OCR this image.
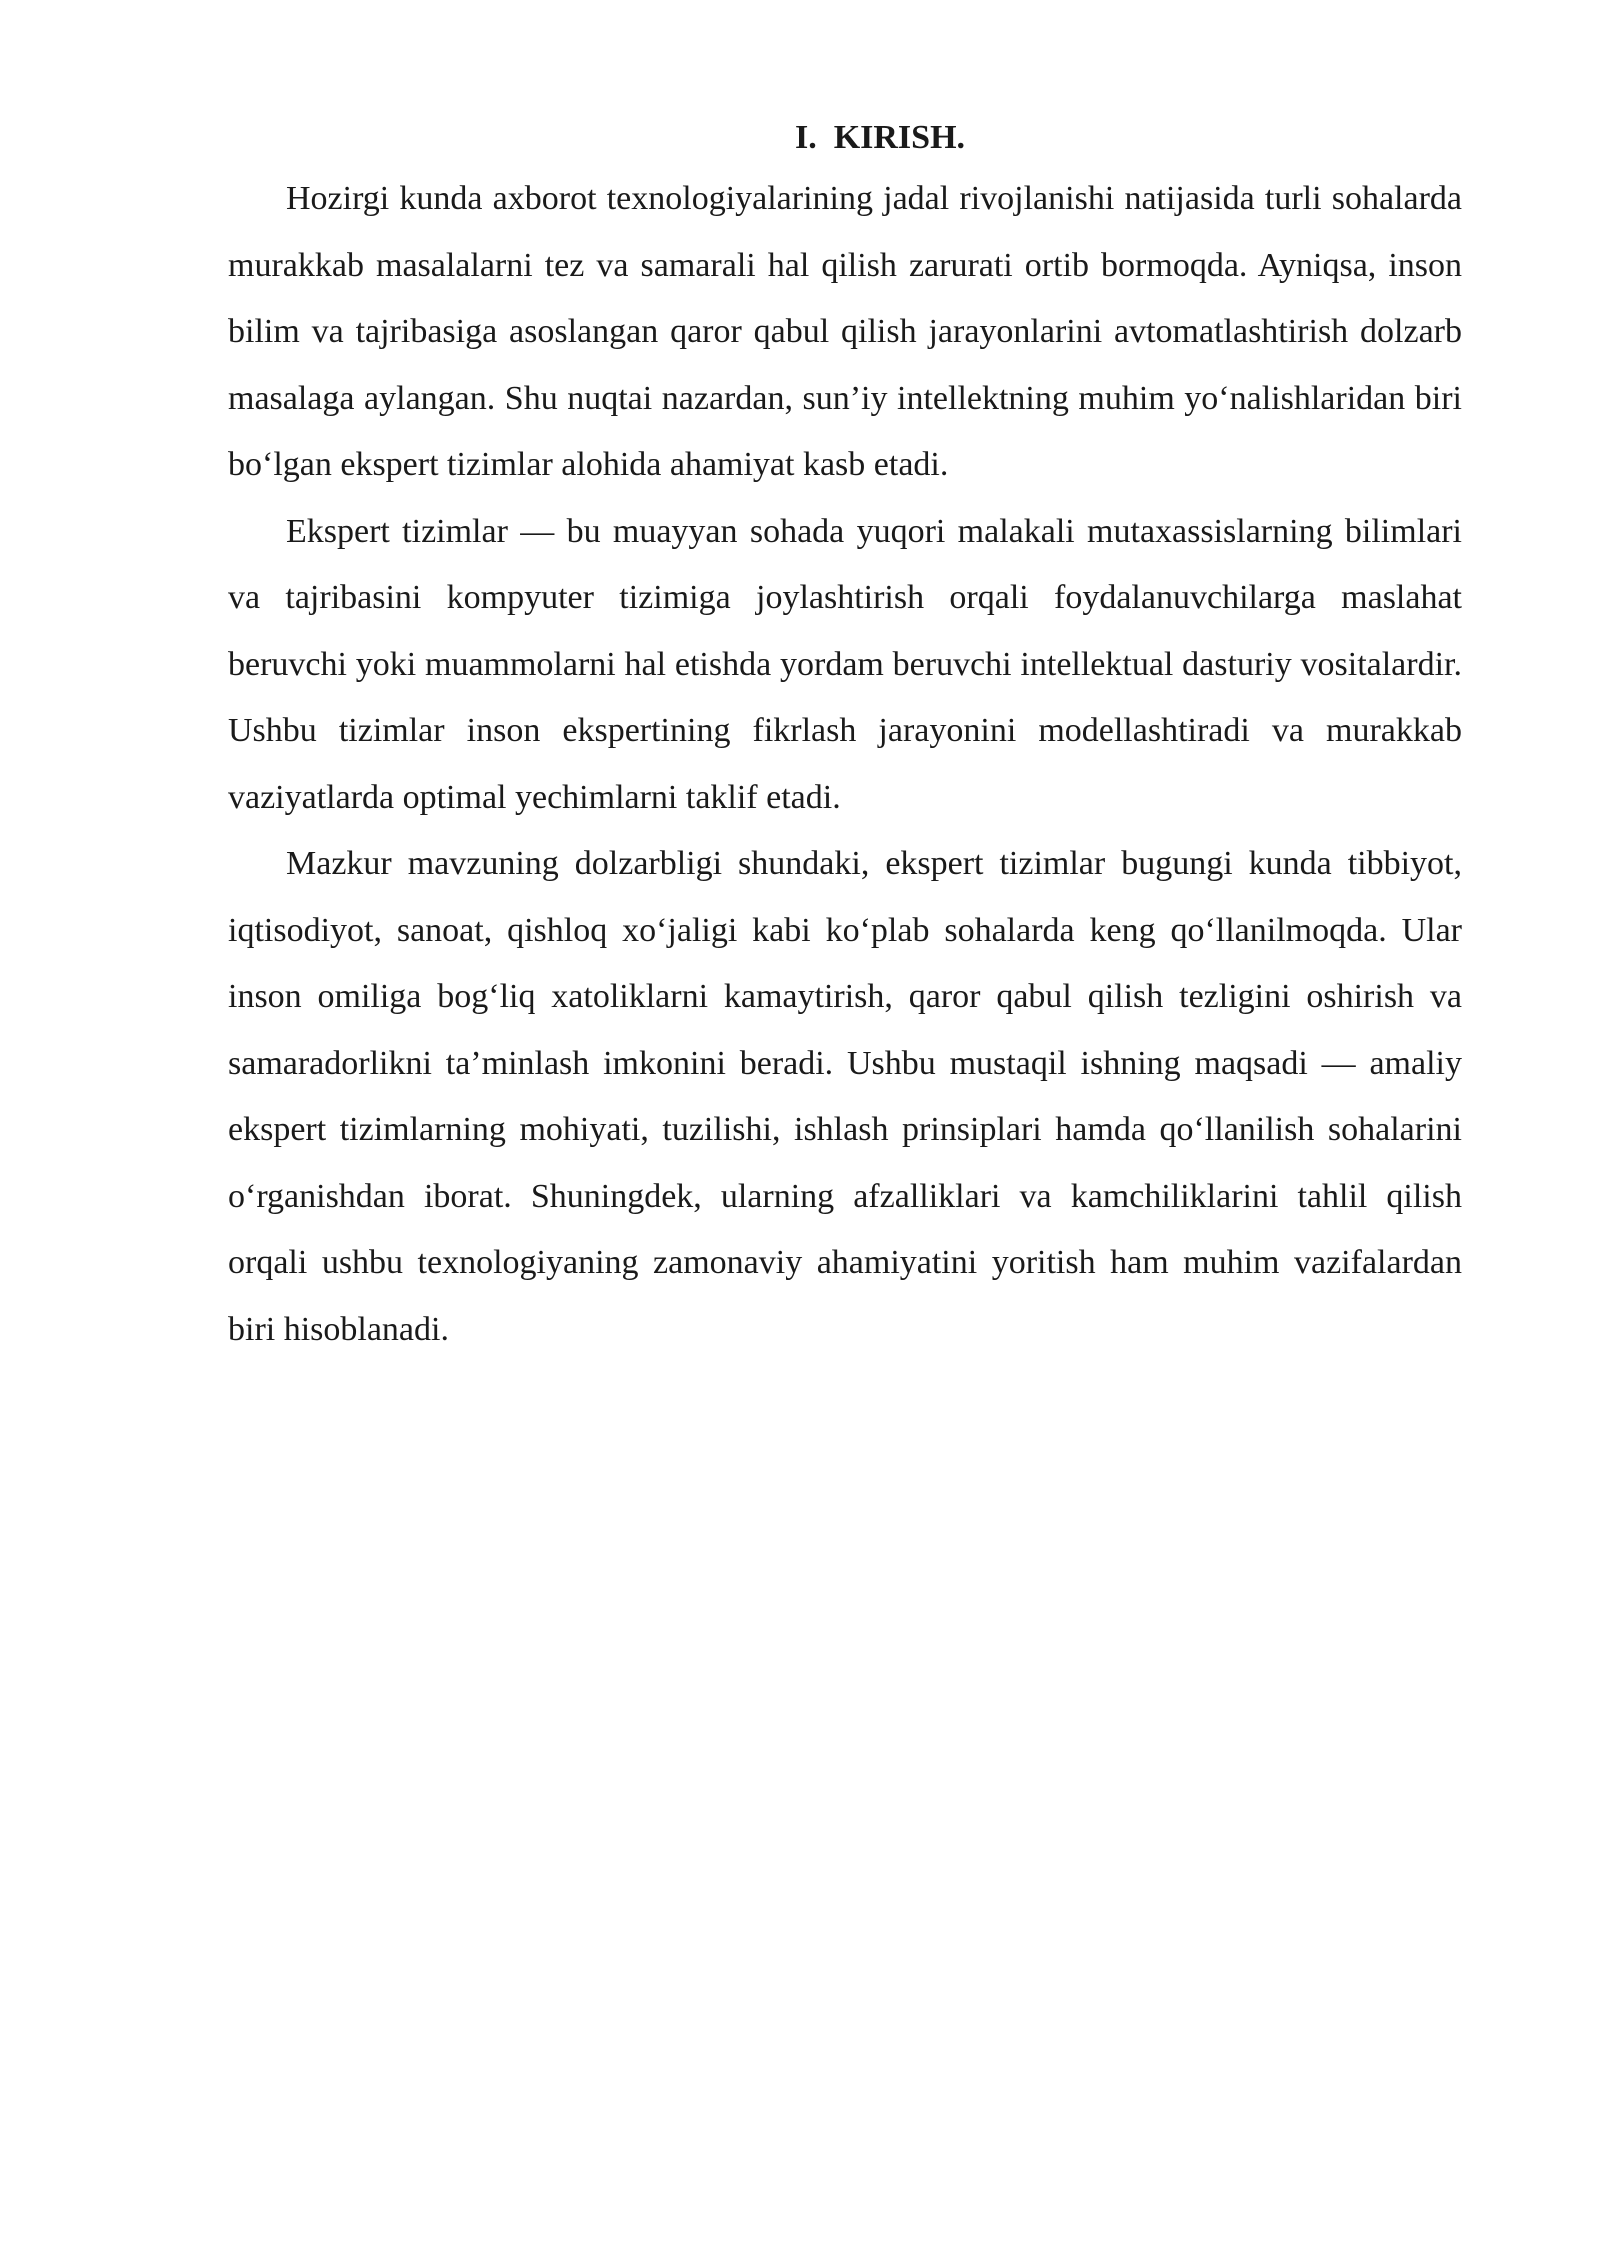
I.  KIRISH.

Hozirgi kunda axborot texnologiyalarining jadal rivojlanishi natijasida turli sohalarda murakkab masalalarni tez va samarali hal qilish zarurati ortib bormoqda. Ayniqsa, inson bilim va tajribasiga asoslangan qaror qabul qilish jarayonlarini avtomatlashtirish dolzarb masalaga aylangan. Shu nuqtai nazardan, sun’iy intellektning muhim yo‘nalishlaridan biri bo‘lgan ekspert tizimlar alohida ahamiyat kasb etadi.

Ekspert tizimlar — bu muayyan sohada yuqori malakali mutaxassislarning bilimlari va tajribasini kompyuter tizimiga joylashtirish orqali foydalanuvchilarga maslahat beruvchi yoki muammolarni hal etishda yordam beruvchi intellektual dasturiy vositalardir. Ushbu tizimlar inson ekspertining fikrlash jarayonini modellashtiradi va murakkab vaziyatlarda optimal yechimlarni taklif etadi.

Mazkur mavzuning dolzarbligi shundaki, ekspert tizimlar bugungi kunda tibbiyot, iqtisodiyot, sanoat, qishloq xo‘jaligi kabi ko‘plab sohalarda keng qo‘llanilmoqda. Ular inson omiliga bog‘liq xatoliklarni kamaytirish, qaror qabul qilish tezligini oshirish va samaradorlikni ta’minlash imkonini beradi. Ushbu mustaqil ishning maqsadi — amaliy ekspert tizimlarning mohiyati, tuzilishi, ishlash prinsiplari hamda qo‘llanilish sohalarini o‘rganishdan iborat. Shuningdek, ularning afzalliklari va kamchiliklarini tahlil qilish orqali ushbu texnologiyaning zamonaviy ahamiyatini yoritish ham muhim vazifalardan biri hisoblanadi.
